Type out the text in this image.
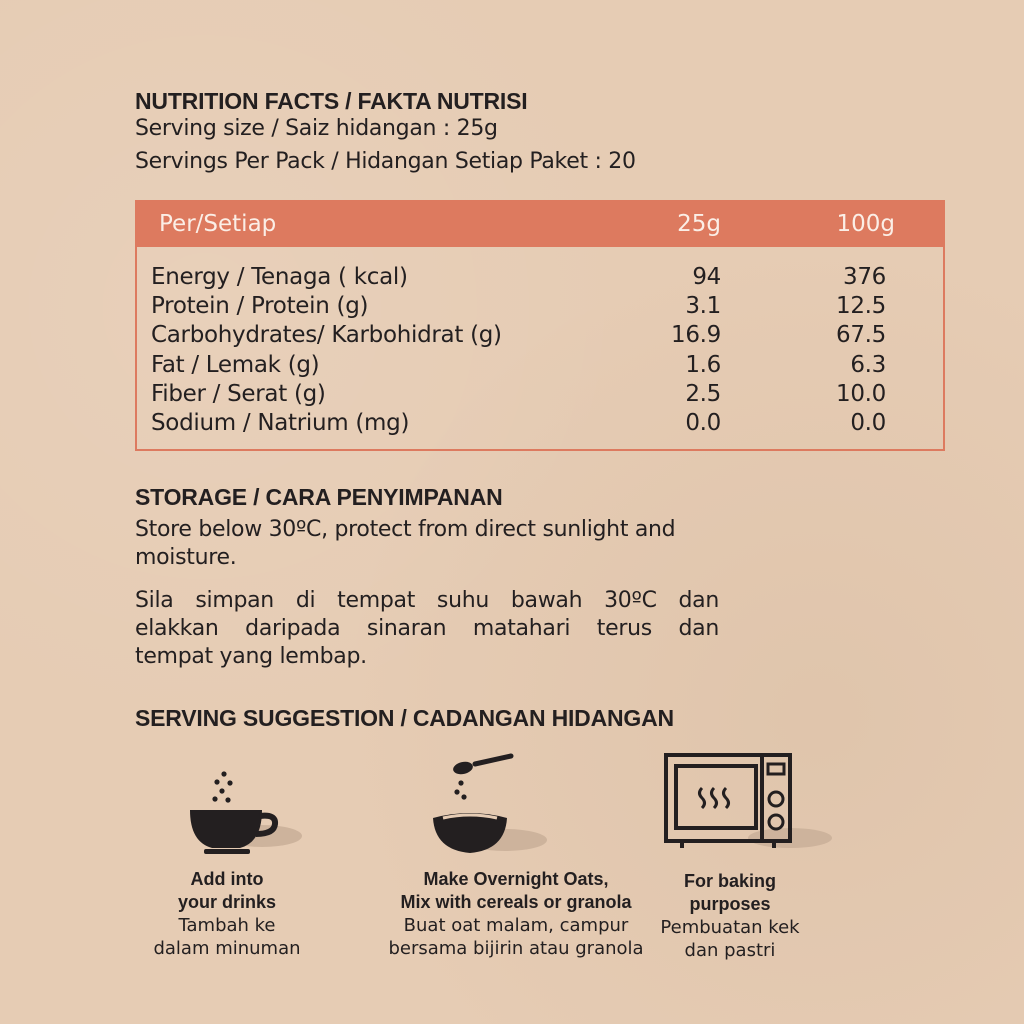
NUTRITION FACTS / FAKTA NUTRISI
Serving size / Saiz hidangan : 25g
Servings Per Pack / Hidangan Setiap Paket : 20
Per/Setiap	25g	100g
Energy / Tenaga ( kcal)	94	376
Protein / Protein (g)	3.1	12.5
Carbohydrates/ Karbohidrat (g)	16.9	67.5
Fat / Lemak (g)	1.6	6.3
Fiber / Serat (g)	2.5	10.0
Sodium / Natrium (mg)	0.0	0.0
STORAGE / CARA PENYIMPANAN
Store below 30ºC, protect from direct sunlight and
moisture.
Sila simpan di tempat suhu bawah 30ºC dan
elakkan daripada sinaran matahari terus dan
tempat yang lembap.
SERVING SUGGESTION / CADANGAN HIDANGAN
Add into
your drinks
Tambah ke
dalam minuman
Make Overnight Oats,
Mix with cereals or granola
Buat oat malam, campur
bersama bijirin atau granola
For baking
purposes
Pembuatan kek
dan pastri
